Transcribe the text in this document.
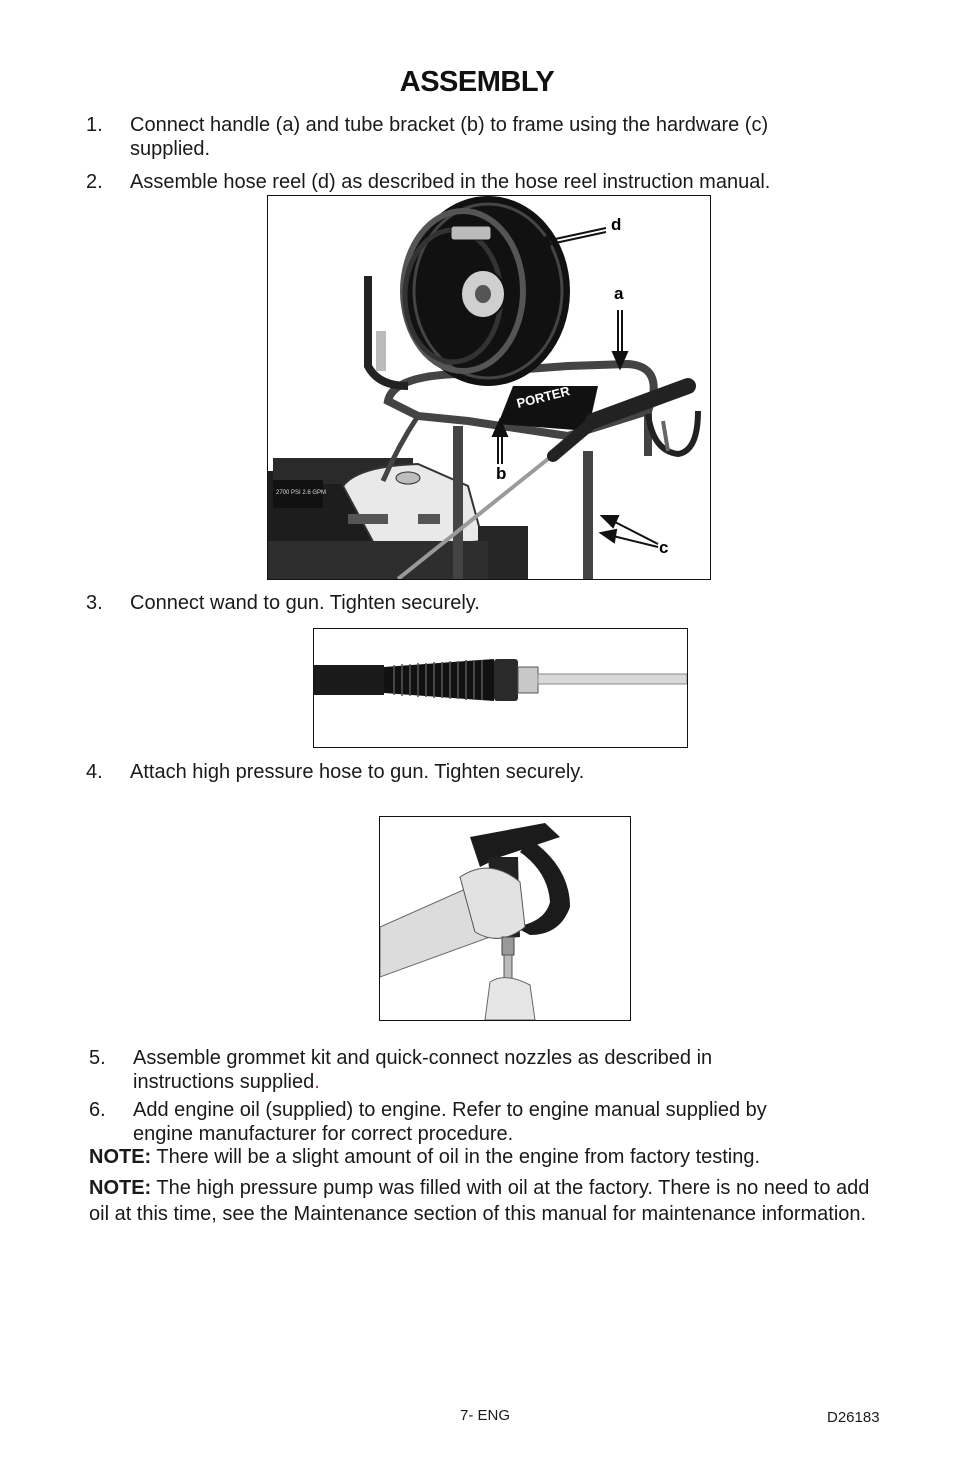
ASSEMBLY
1. Connect handle (a) and tube bracket (b) to frame using the hardware (c)
supplied.
2. Assemble hose reel (d) as described in the hose reel instruction manual.
2700 PSI 2.6 GPM
PORTER
d
a
b
c
3. Connect wand to gun. Tighten securely.
4. Attach high pressure hose to gun. Tighten securely.
5. Assemble grommet kit and quick-connect nozzles as described in
instructions supplied.
6. Add engine oil (supplied) to engine. Refer to engine manual supplied by
engine manufacturer for correct procedure.
NOTE: There will be a slight amount of oil in the engine from factory testing.
NOTE: The high pressure pump was filled with oil at the factory. There is no need to add oil at this time, see the Maintenance section of this manual for maintenance information.
7- ENG	D26183
